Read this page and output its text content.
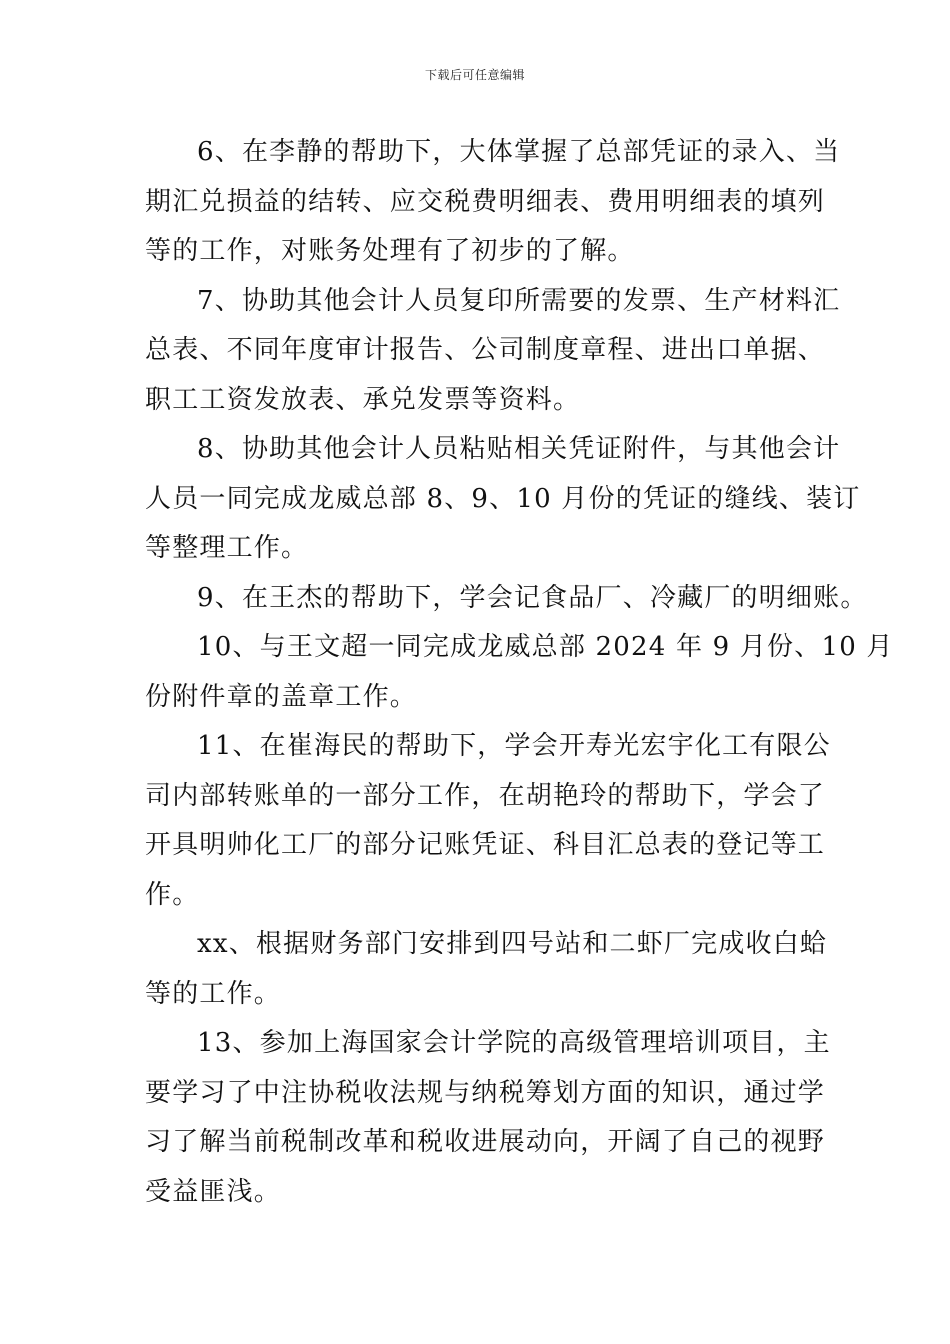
下载后可任意编辑
6、在李静的帮助下，大体掌握了总部凭证的录入、当
期汇兑损益的结转、应交税费明细表、费用明细表的填列
等的工作，对账务处理有了初步的了解。
7、协助其他会计人员复印所需要的发票、生产材料汇
总表、不同年度审计报告、公司制度章程、进出口单据、
职工工资发放表、承兑发票等资料。
8、协助其他会计人员粘贴相关凭证附件，与其他会计
人员一同完成龙威总部 8、9、10 月份的凭证的缝线、装订
等整理工作。
9、在王杰的帮助下，学会记食品厂、冷藏厂的明细账。
10、与王文超一同完成龙威总部 2024 年 9 月份、10 月
份附件章的盖章工作。
11、在崔海民的帮助下，学会开寿光宏宇化工有限公
司内部转账单的一部分工作，在胡艳玲的帮助下，学会了
开具明帅化工厂的部分记账凭证、科目汇总表的登记等工
作。
xx、根据财务部门安排到四号站和二虾厂完成收白蛤
等的工作。
13、参加上海国家会计学院的高级管理培训项目，主
要学习了中注协税收法规与纳税筹划方面的知识，通过学
习了解当前税制改革和税收进展动向，开阔了自己的视野
受益匪浅。
